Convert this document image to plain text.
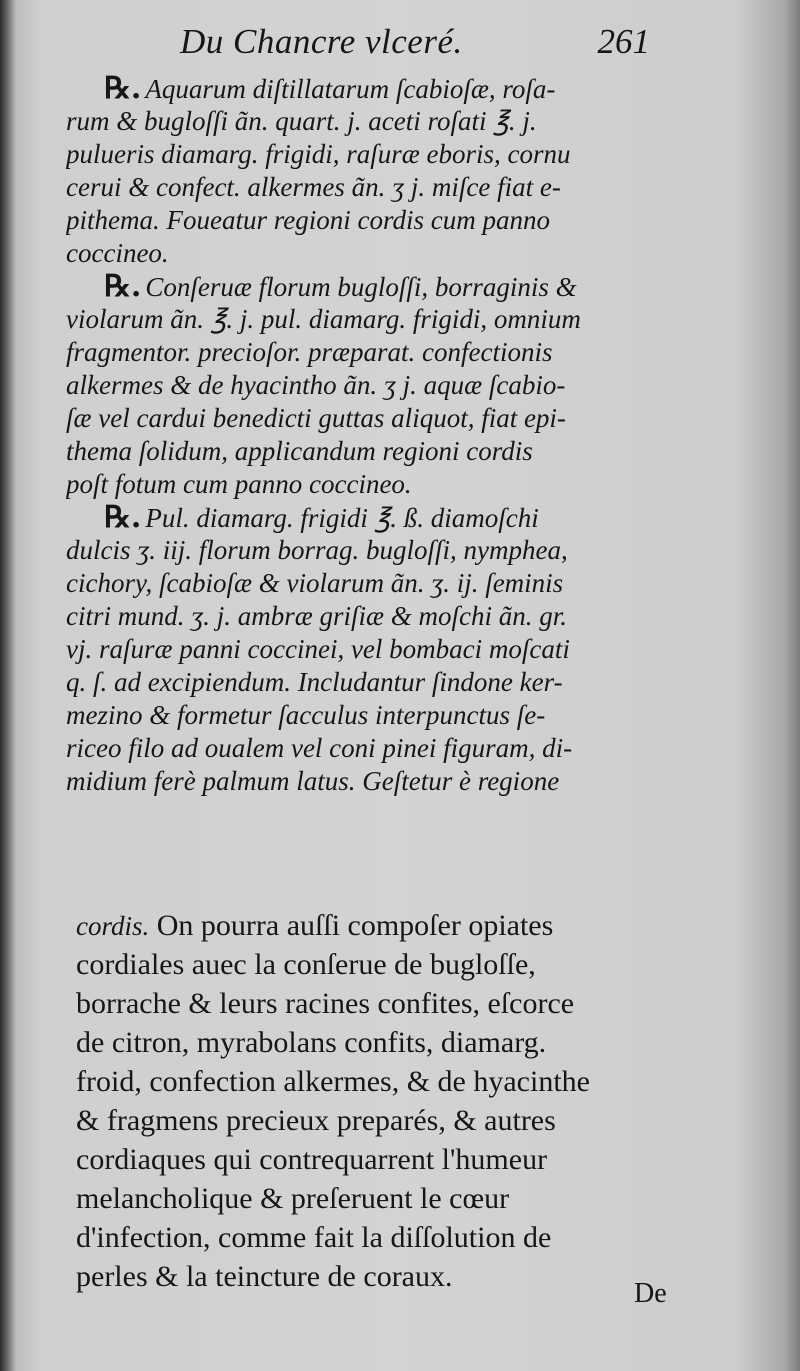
Du Chancre vlceré.	261
℞. Aquarum diſtillatarum ſcabioſæ, roſa-
rum & bugloſſi ãn. quart. j. aceti roſati ℥. j.
pulueris diamarg. frigidi, raſuræ eboris, cornu
cerui & confect. alkermes ãn. ʒ j. miſce fiat e-
pithema. Foueatur regioni cordis cum panno
coccineo.
℞. Conſeruæ florum bugloſſi, borraginis &
violarum ãn. ℥. j. pul. diamarg. frigidi, omnium
fragmentor. precioſor. præparat. confectionis
alkermes & de hyacintho ãn. ʒ j. aquæ ſcabio-
ſæ vel cardui benedicti guttas aliquot, fiat epi-
thema ſolidum, applicandum regioni cordis
poſt fotum cum panno coccineo.
℞. Pul. diamarg. frigidi ℥. ß. diamoſchi
dulcis ʒ. iij. florum borrag. bugloſſi, nymphea,
cichory, ſcabioſæ & violarum ãn. ʒ. ij. ſeminis
citri mund. ʒ. j. ambræ griſiæ & moſchi ãn. gr.
vj. raſuræ panni coccinei, vel bombaci moſcati
q. ſ. ad excipiendum. Includantur ſindone ker-
mezino & formetur ſacculus interpunctus ſe-
riceo filo ad oualem vel coni pinei figuram, di-
midium ferè palmum latus. Geſtetur è regione
cordis. On pourra auſſi compoſer opiates
cordiales auec la conſerue de bugloſſe,
borrache & leurs racines confites, eſcorce
de citron, myrabolans confits, diamarg.
froid, confection alkermes, & de hyacinthe
& fragmens precieux preparés, & autres
cordiaques qui contrequarrent l'humeur
melancholique & preſeruent le cœur
d'infection, comme fait la diſſolution de
perles & la teincture de coraux.
De
